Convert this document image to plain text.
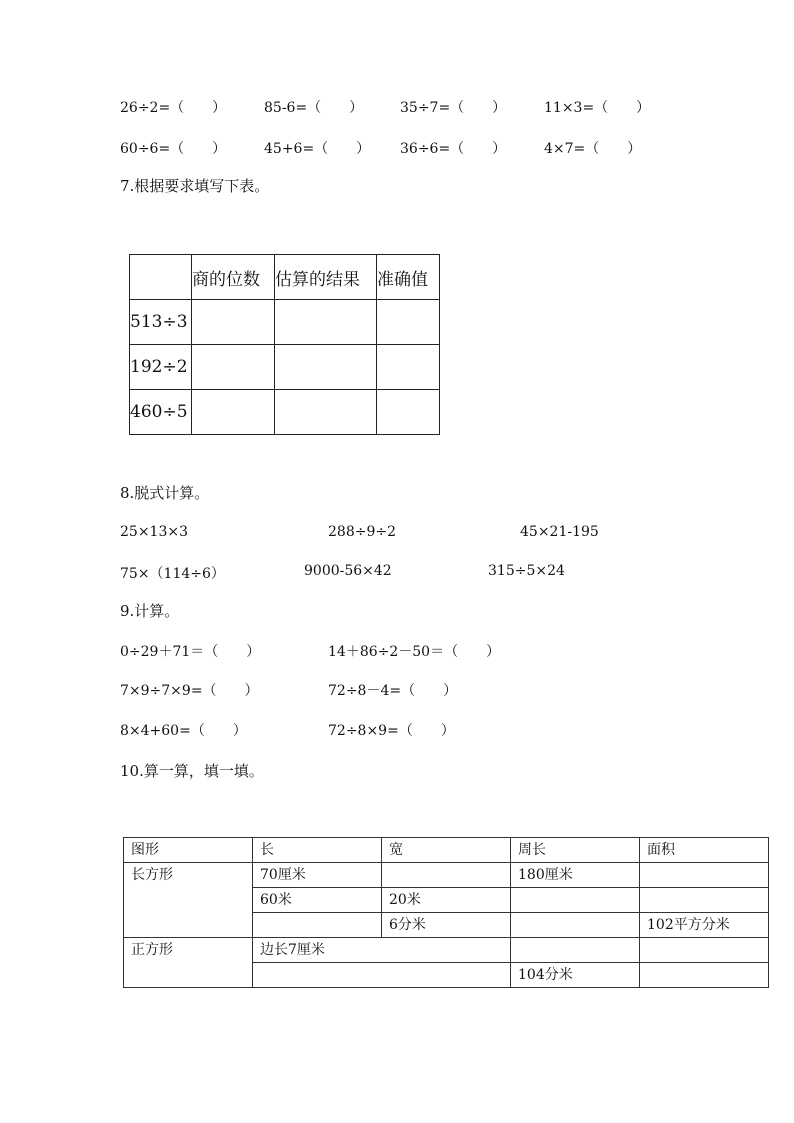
26÷2=（　　）	85-6=（　　）	35÷7=（　　）	11×3=（　　）
60÷6=（　　）	45+6=（　　） 36÷6=（　　）	4×7=（　　）
7.根据要求填写下表。
	商的位数	估算的结果	准确值
513÷3			
192÷2			
460÷5			
8.脱式计算。
25×13×3	288÷9÷2	45×21-195
75×（114÷6）	9000-56×42	315÷5×24
9.计算。
0÷29＋71＝（　　）	14＋86÷2－50＝（　　）
7×9÷7×9=（　　）	72÷8－4=（　　）
8×4+60=（　　）	72÷8×9=（　　）
10.算一算，填一填。
图形	长	宽	周长	面积
长方形	70厘米		180厘米	
	60米	20米		
		6分米		102平方分米
正方形	边长7厘米			
			104分米	
